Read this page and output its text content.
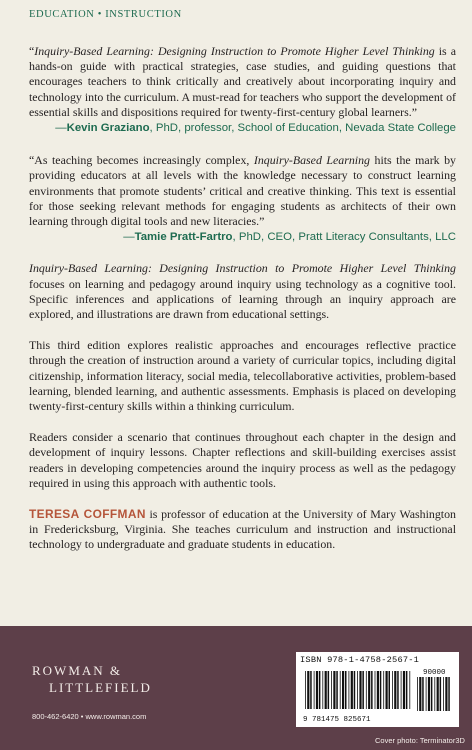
EDUCATION • INSTRUCTION

“Inquiry-Based Learning: Designing Instruction to Promote Higher Level Thinking is a hands-on guide with practical strategies, case studies, and guiding questions that encourages teachers to think critically and creatively about incorporating inquiry and technology into the curriculum. A must-read for teachers who support the development of essential skills and dispositions required for twenty-first-century global learners.”

—Kevin Graziano, PhD, professor, School of Education, Nevada State College

“As teaching becomes increasingly complex, Inquiry-Based Learning hits the mark by providing educators at all levels with the knowledge necessary to construct learning environments that promote students’ critical and creative thinking. This text is essential for those seeking relevant methods for engaging students as architects of their own learning through digital tools and new literacies.”

—Tamie Pratt-Fartro, PhD, CEO, Pratt Literacy Consultants, LLC

Inquiry-Based Learning: Designing Instruction to Promote Higher Level Thinking focuses on learning and pedagogy around inquiry using technology as a cognitive tool. Specific inferences and applications of learning through an inquiry approach are explored, and illustrations are drawn from educational settings.

This third edition explores realistic approaches and encourages reflective practice through the creation of instruction around a variety of curricular topics, including digital citizenship, information literacy, social media, telecollaborative activities, problem-based learning, blended learning, and authentic assessments. Emphasis is placed on developing twenty-first-century skills within a thinking curriculum.

Readers consider a scenario that continues throughout each chapter in the design and development of inquiry lessons. Chapter reflections and skill-building exercises assist readers in developing competencies around the inquiry process as well as the pedagogy required in using this approach with authentic tools.

TERESA COFFMAN is professor of education at the University of Mary Washington in Fredericksburg, Virginia. She teaches curriculum and instruction and instructional technology to undergraduate and graduate students in education.

ROWMAN &
LITTLEFIELD
800-462-6420 • www.rowman.com
ISBN 978-1-4758-2567-1
9 781475 825671
90000
Cover photo: Terminator3D
